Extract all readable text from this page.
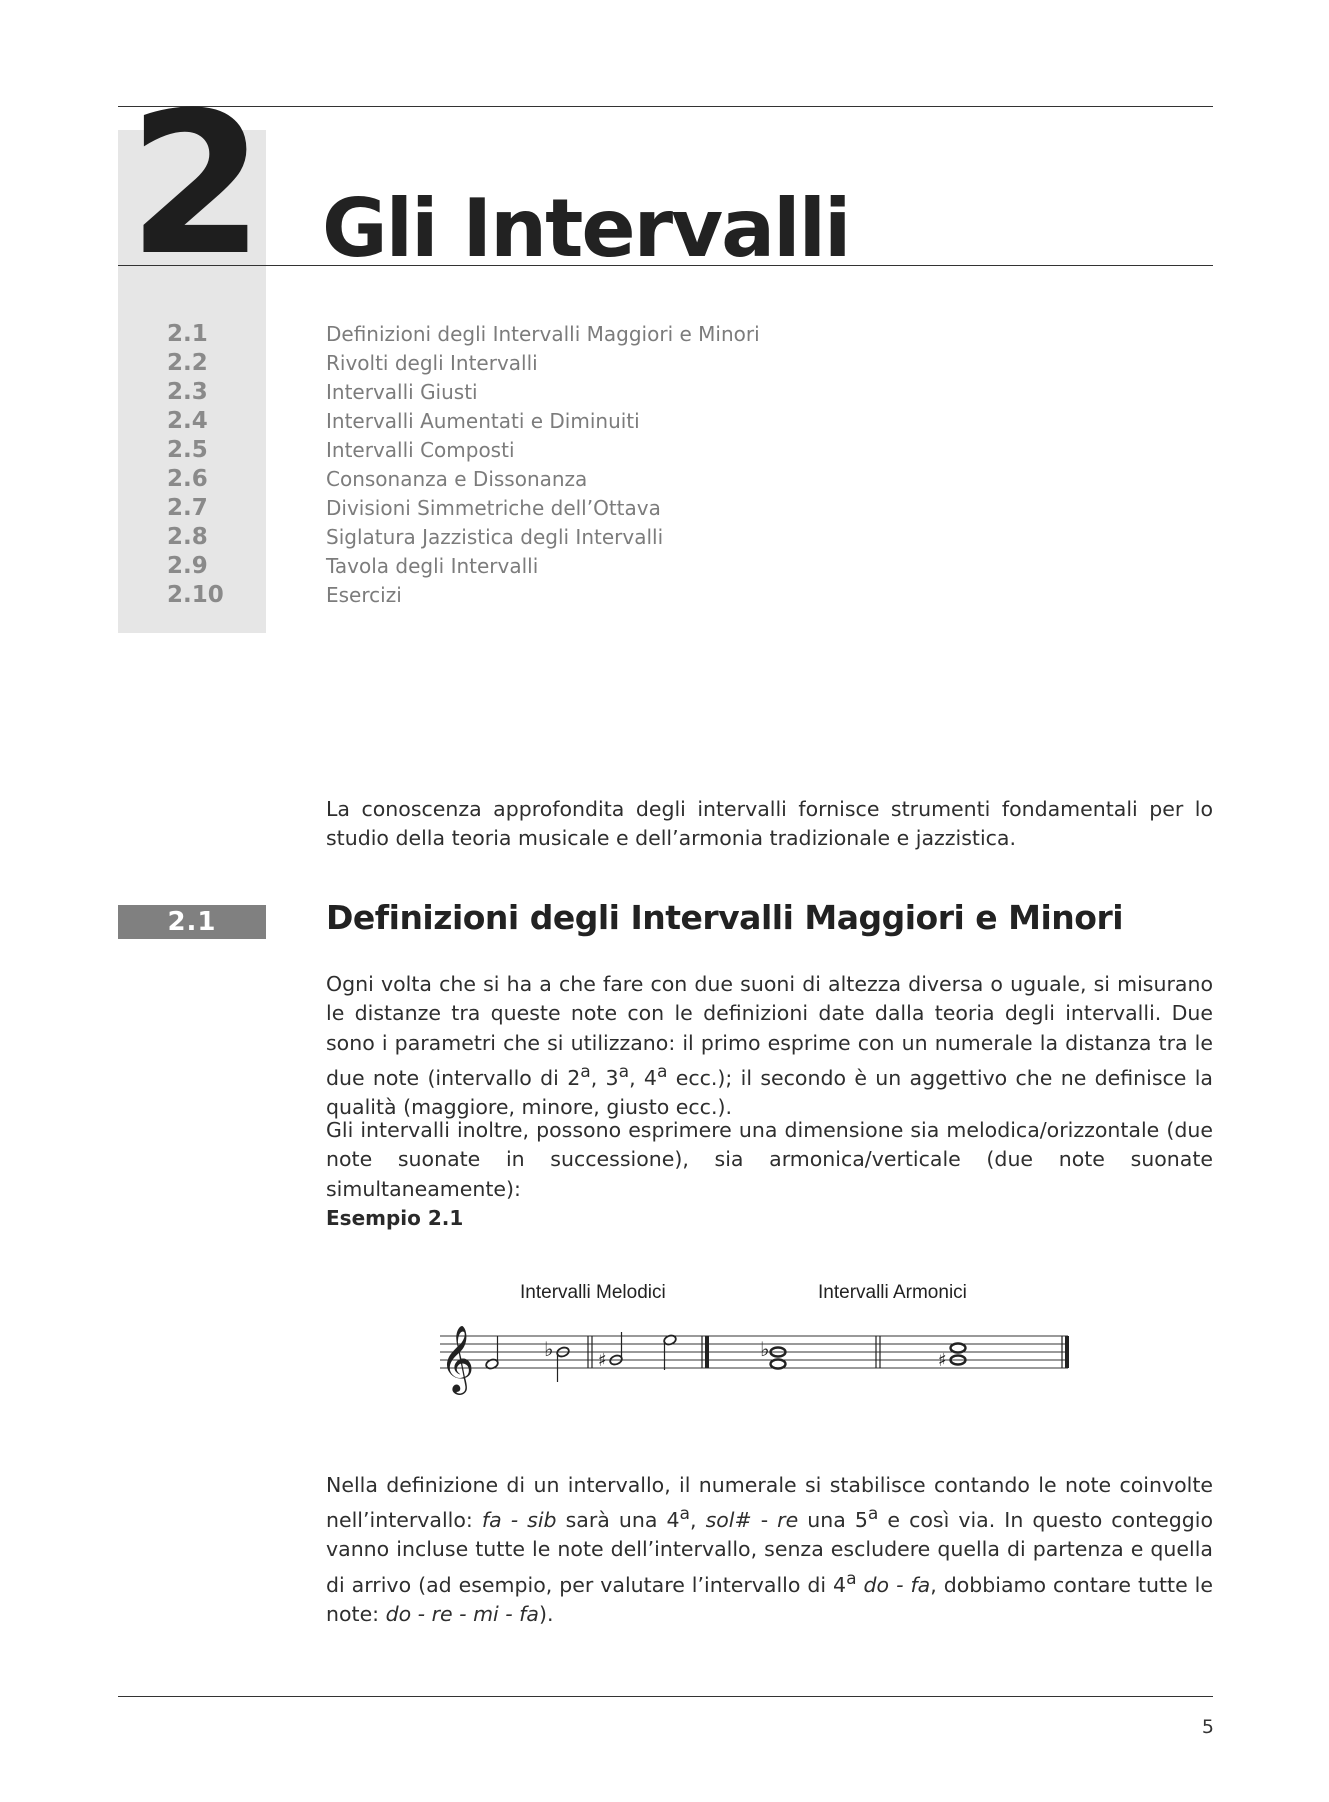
2 Gli Intervalli
2.1	Definizioni degli Intervalli Maggiori e Minori
2.2	Rivolti degli Intervalli
2.3	Intervalli Giusti
2.4	Intervalli Aumentati e Diminuiti
2.5	Intervalli Composti
2.6	Consonanza e Dissonanza
2.7	Divisioni Simmetriche dell’Ottava
2.8	Siglatura Jazzistica degli Intervalli
2.9	Tavola degli Intervalli
2.10	Esercizi
La conoscenza approfondita degli intervalli fornisce strumenti fondamentali per lo studio della teoria musicale e dell’armonia tradizionale e jazzistica.
2.1	Definizioni degli Intervalli Maggiori e Minori
Ogni volta che si ha a che fare con due suoni di altezza diversa o uguale, si misurano le distanze tra queste note con le definizioni date dalla teoria degli intervalli. Due sono i parametri che si utilizzano: il primo esprime con un numerale la distanza tra le due note (intervallo di 2$^a$, 3$^a$, 4$^a$ ecc.); il secondo è un aggettivo che ne definisce la qualità (maggiore, minore, giusto ecc.).
Gli intervalli inoltre, possono esprimere una dimensione sia melodica/orizzontale (due note suonate in successione), sia armonica/verticale (due note suonate simultaneamente):
Esempio 2.1
Intervalli Melodici	Intervalli Armonici
𝄞	♭ ♯	♭	♯
Nella definizione di un intervallo, il numerale si stabilisce contando le note coinvolte nell’intervallo: fa - sib sarà una 4$^a$, sol# - re una 5$^a$ e così via. In questo conteggio vanno incluse tutte le note dell’intervallo, senza escludere quella di partenza e quella di arrivo (ad esempio, per valutare l’intervallo di 4$^a$ do - fa, dobbiamo contare tutte le note: do - re - mi - fa).
5
